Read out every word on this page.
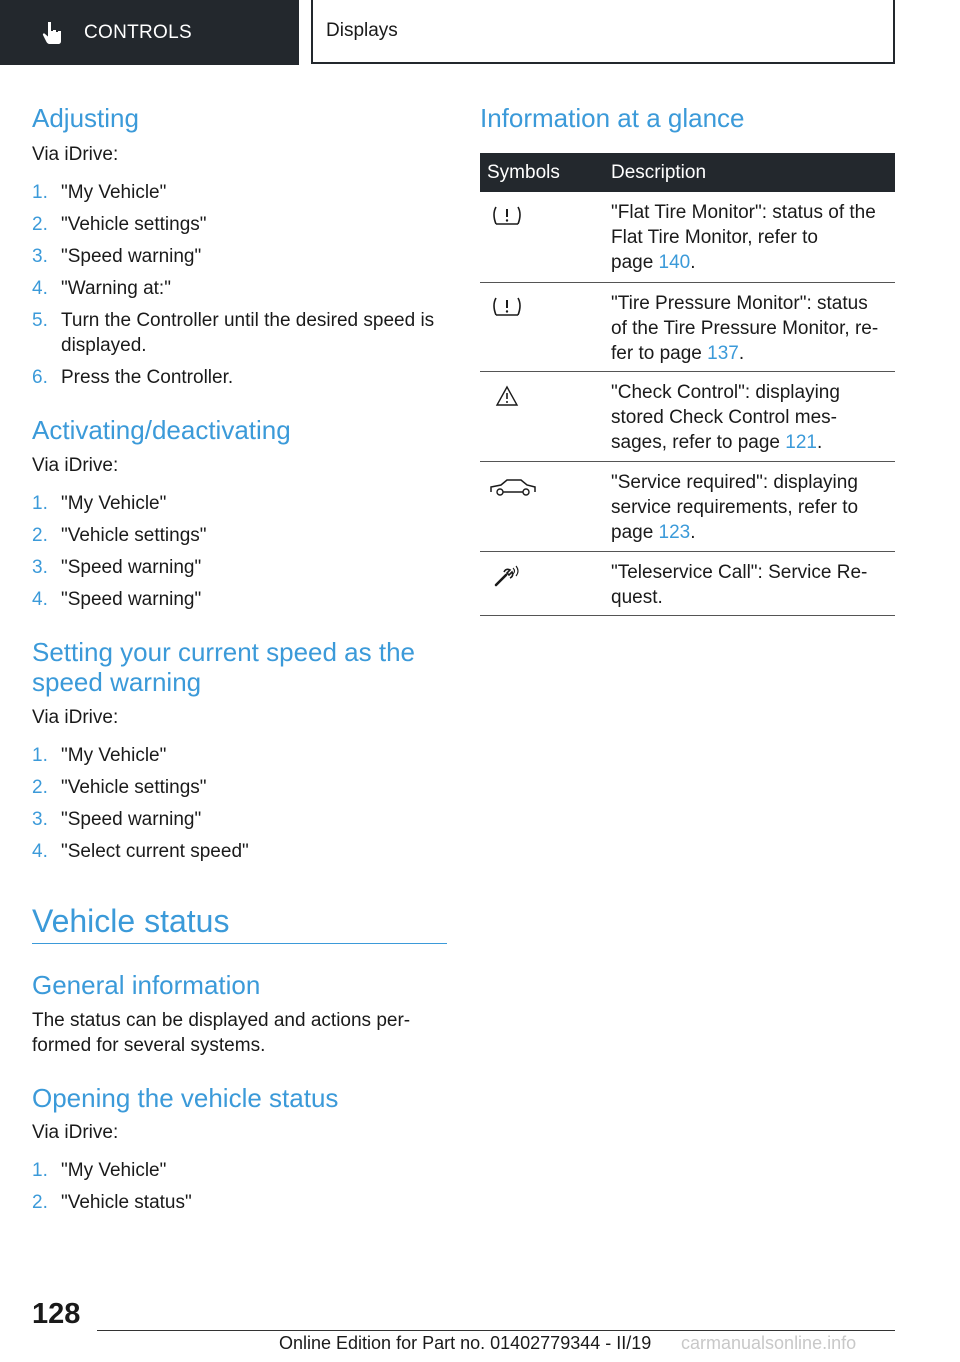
CONTROLS	Displays
Adjusting

Via iDrive:

1. "My Vehicle"
2. "Vehicle settings"
3. "Speed warning"
4. "Warning at:"
5. Turn the Controller until the desired speed is displayed.
6. Press the Controller.
Activating/deactivating

Via iDrive:

1. "My Vehicle"
2. "Vehicle settings"
3. "Speed warning"
4. "Speed warning"
Setting your current speed as the
speed warning

Via iDrive:

1. "My Vehicle"
2. "Vehicle settings"
3. "Speed warning"
4. "Select current speed"
Vehicle status
General information

The status can be displayed and actions per-

formed for several systems.

Opening the vehicle status

Via iDrive:

1. "My Vehicle"
2. "Vehicle status"
Information at a glance
Symbols	Description
"Flat Tire Monitor": status of the
Flat Tire Monitor, refer to
page 140.
"Tire Pressure Monitor": status
of the Tire Pressure Monitor, re-
fer to page 137.
"Check Control": displaying
stored Check Control mes-
sages, refer to page 121.
"Service required": displaying
service requirements, refer to
page 123.
"Teleservice Call": Service Re-
quest.
128
Online Edition for Part no. 01402779344 - II/19 carmanualsonline.info
